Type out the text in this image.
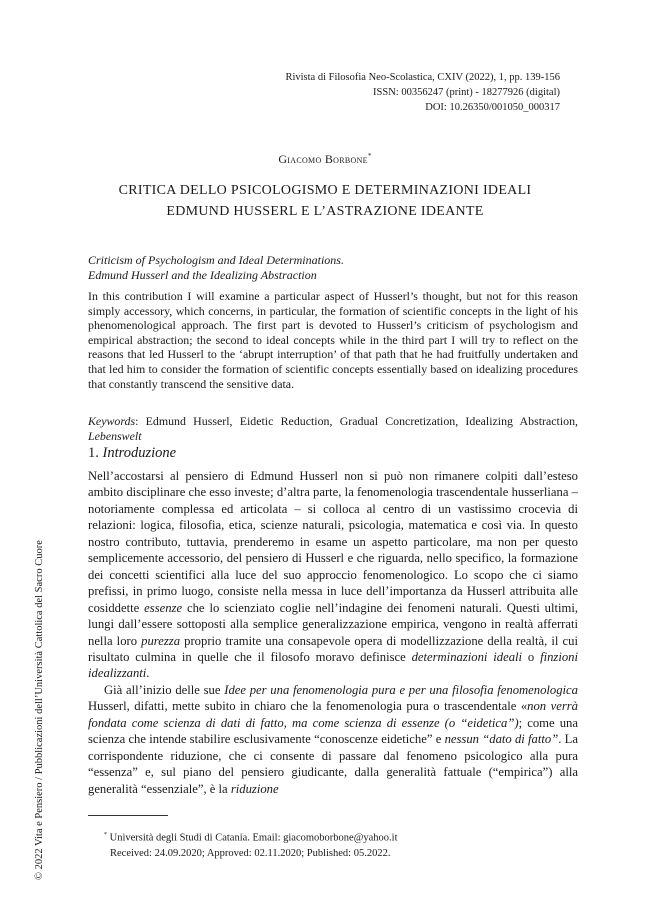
Rivista di Filosofia Neo-Scolastica, CXIV (2022), 1, pp. 139-156
ISSN: 00356247 (print) - 18277926 (digital)
DOI: 10.26350/001050_000317
Giacomo Borbone*
CRITICA DELLO PSICOLOGISMO E DETERMINAZIONI IDEALI
EDMUND HUSSERL E L’ASTRAZIONE IDEANTE
Criticism of Psychologism and Ideal Determinations.
Edmund Husserl and the Idealizing Abstraction
In this contribution I will examine a particular aspect of Husserl’s thought, but not for this reason simply accessory, which concerns, in particular, the formation of scientific concepts in the light of his phenomenological approach. The first part is devoted to Husserl’s criticism of psychologism and empirical abstraction; the second to ideal concepts while in the third part I will try to reflect on the reasons that led Husserl to the ‘abrupt interruption’ of that path that he had fruitfully undertaken and that led him to consider the formation of scientific concepts essentially based on idealizing procedures that constantly transcend the sensitive data.
Keywords: Edmund Husserl, Eidetic Reduction, Gradual Concretization, Idealizing Abstraction, Lebenswelt
1. Introduzione

Nell’accostarsi al pensiero di Edmund Husserl non si può non rimanere colpiti dall’esteso ambito disciplinare che esso investe; d’altra parte, la fenomenologia trascendentale husserliana – notoriamente complessa ed articolata – si colloca al centro di un vastissimo crocevia di relazioni: logica, filosofia, etica, scienze naturali, psicologia, matematica e così via. In questo nostro contributo, tuttavia, prenderemo in esame un aspetto particolare, ma non per questo semplicemente accessorio, del pensiero di Husserl e che riguarda, nello specifico, la formazione dei concetti scientifici alla luce del suo approccio fenomenologico. Lo scopo che ci siamo prefissi, in primo luogo, consiste nella messa in luce dell’importanza da Husserl attribuita alle cosiddette essenze che lo scienziato coglie nell’indagine dei fenomeni naturali. Questi ultimi, lungi dall’essere sottoposti alla semplice generalizzazione empirica, vengono in realtà afferrati nella loro purezza proprio tramite una consapevole opera di modellizzazione della realtà, il cui risultato culmina in quelle che il filosofo moravo definisce determinazioni ideali o finzioni idealizzanti.

Già all’inizio delle sue Idee per una fenomenologia pura e per una filosofia fenomenologica Husserl, difatti, mette subito in chiaro che la fenomenologia pura o trascendentale «non verrà fondata come scienza di dati di fatto, ma come scienza di essenze (o “eidetica”); come una scienza che intende stabilire esclusivamente “conoscenze eidetiche” e nessun “dato di fatto”. La corrispondente riduzione, che ci consente di passare dal fenomeno psicologico alla pura “essenza” e, sul piano del pensiero giudicante, dalla generalità fattuale (“empirica”) alla generalità “essenziale”, è la riduzione

* Università degli Studi di Catania. Email: giacomoborbone@yahoo.it
Received: 24.09.2020; Approved: 02.11.2020; Published: 05.2022.
© 2022 Vita e Pensiero / Pubblicazioni dell’Università Cattolica del Sacro Cuore
